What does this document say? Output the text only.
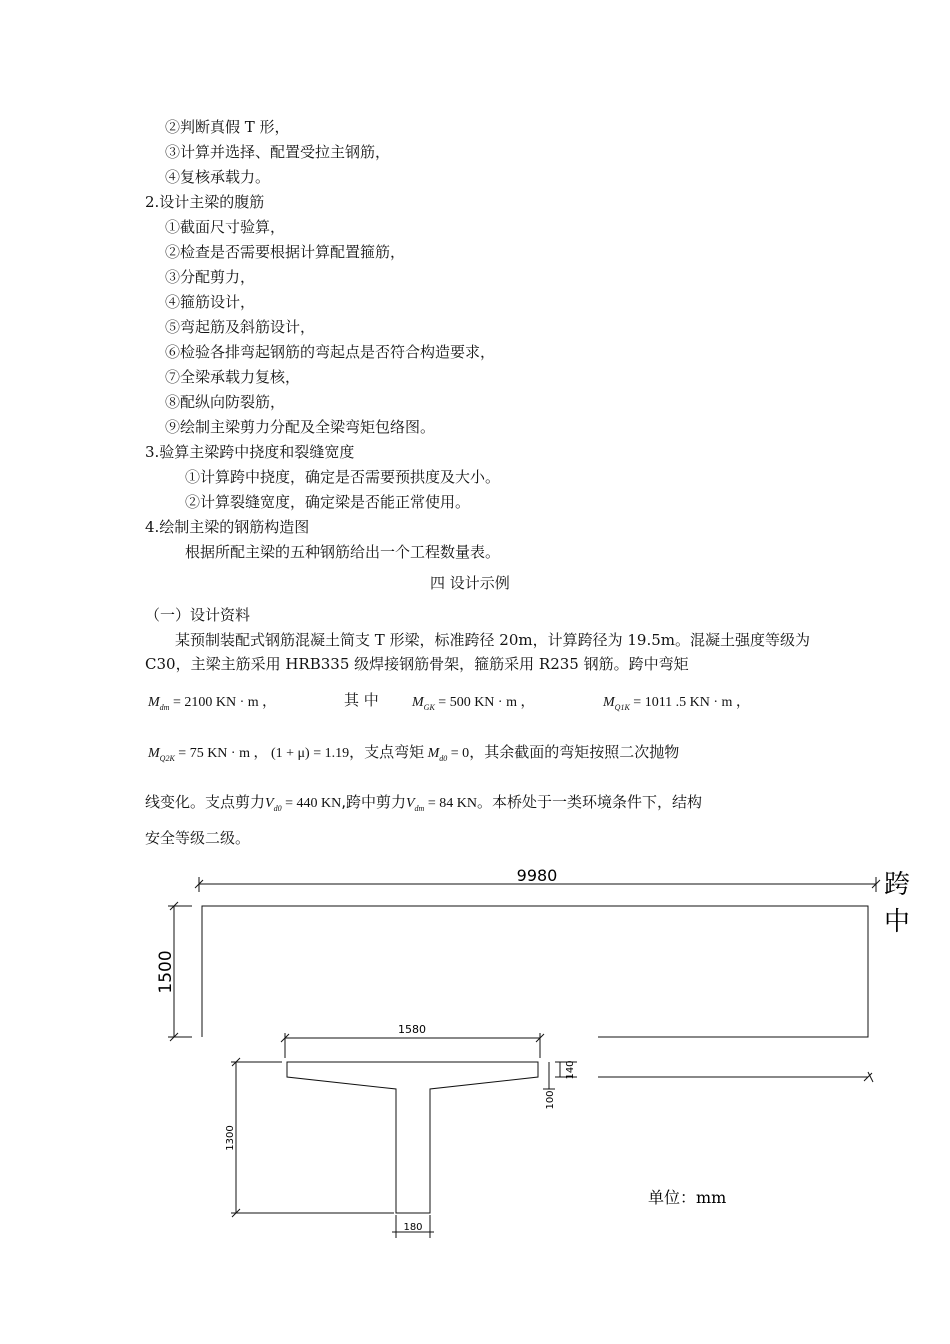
②判断真假 T 形，
③计算并选择、配置受拉主钢筋，
④复核承载力。
2.设计主梁的腹筋
①截面尺寸验算，
②检查是否需要根据计算配置箍筋，
③分配剪力，
④箍筋设计，
⑤弯起筋及斜筋设计，
⑥检验各排弯起钢筋的弯起点是否符合构造要求，
⑦全梁承载力复核，
⑧配纵向防裂筋，
⑨绘制主梁剪力分配及全梁弯矩包络图。
3.验算主梁跨中挠度和裂缝宽度
①计算跨中挠度，确定是否需要预拱度及大小。
②计算裂缝宽度，确定梁是否能正常使用。
4.绘制主梁的钢筋构造图
根据所配主梁的五种钢筋给出一个工程数量表。
四 设计示例
（一）设计资料
某预制装配式钢筋混凝土简支 T 形梁，标准跨径 20m，计算跨径为 19.5m。混凝土强度等级为 C30，主梁主筋采用 HRB335 级焊接钢筋骨架，箍筋采用 R235 钢筋。跨中弯矩
$M_{dm} = 2100$ KN · m ，	其 中 $M_{GK} = 500$ KN · m ，	$M_{Q1K} = 1011$ .5 KN · m ，
$M_{Q2K} = 75$ KN · m ， (1 + μ) = 1.19，支点弯矩 $M_{d0} = 0$，其余截面的弯矩按照二次抛物
线变化。支点剪力$V_{d0} = 440$ KN,跨中剪力$V_{dm} = 84$ KN。本桥处于一类环境条件下，结构
安全等级二级。
9980	跨
中
1500
1580
140
100
1300
180
单位：mm
